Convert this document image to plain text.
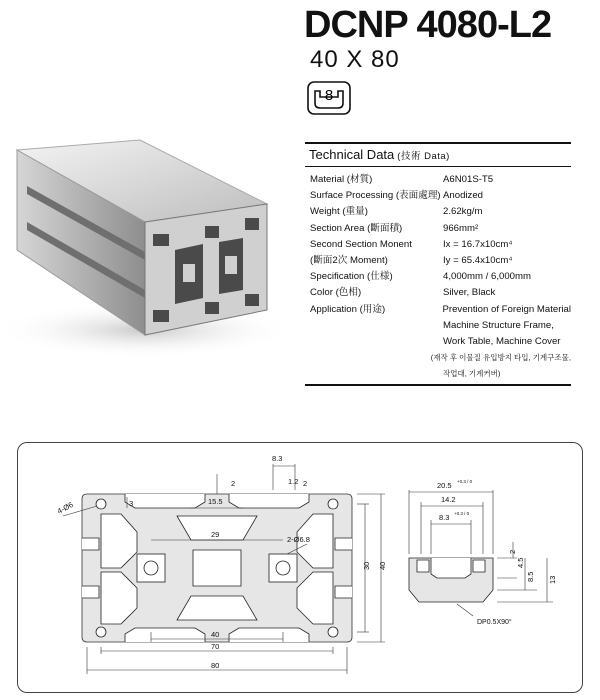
DCNP 4080-L2
40 X 80
8
Technical Data (技術 Data)
Material (材質)	A6N01S-T5
Surface Processing (表面處理) Anodized
Weight (重量)	2.62kg/m
Section Area (斷面積)	966mm²
Second Section Monent	Ix = 16.7x10cm⁴
(斷面2次 Moment)	Iy = 65.4x10cm⁴
Specification (仕様)	4,000mm / 6,000mm
Color (色相)	Silver, Black
Application (用途)	Prevention of Foreign Material
Machine Structure Frame,
Work Table, Machine Cover
(재작 후 이물질 유입방지 타입, 기계구조물,
작업대, 기계커버)
8.3
2	1.2 2
4-Ø6	3	15.5
29
2-Ø6.8
30 40
40
70
80
20.5 +0.3 / 0
14.2
8.3 +0.3 / 0
2
4.5
8.5 13
DP0.5X90°
